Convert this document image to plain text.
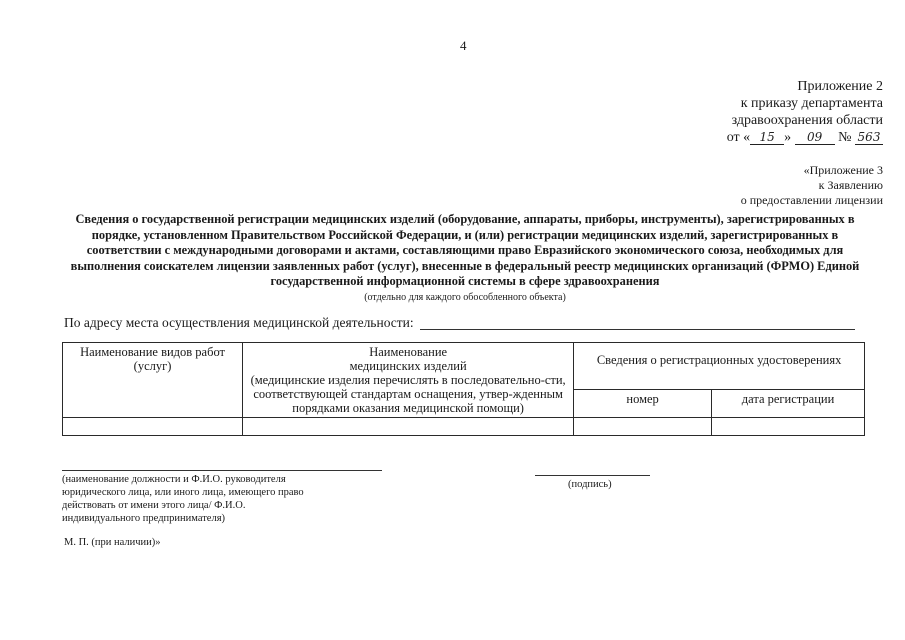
4
Приложение 2
к приказу департамента
здравоохранения области
от « 15 » 09 № 563
«Приложение 3
к Заявлению
о предоставлении лицензии
Сведения о государственной регистрации медицинских изделий (оборудование, аппараты, приборы, инструменты), зарегистрированных в порядке, установленном Правительством Российской Федерации, и (или) регистрации медицинских изделий, зарегистрированных в соответствии с международными договорами и актами, составляющими право Евразийского экономического союза, необходимых для выполнения соискателем лицензии заявленных работ (услуг), внесенные в федеральный реестр медицинских организаций (ФРМО) Единой государственной информационной системы в сфере здравоохранения
(отдельно для каждого обособленного объекта)
По адресу места осуществления медицинской деятельности:
Наименование видов работ (услуг)	Наименование
медицинских изделий
(медицинские изделия перечислять в последовательно-сти, соответствующей стандартам оснащения, утвер-жденным порядками оказания медицинской помощи)	Сведения о регистрационных удостоверениях	
		номер	дата регистрации

(наименование должности и Ф.И.О. руководителя юридического лица, или иного лица, имеющего право действовать от имени этого лица/ Ф.И.О. индивидуального предпринимателя)
(подпись)
М. П. (при наличии)»
